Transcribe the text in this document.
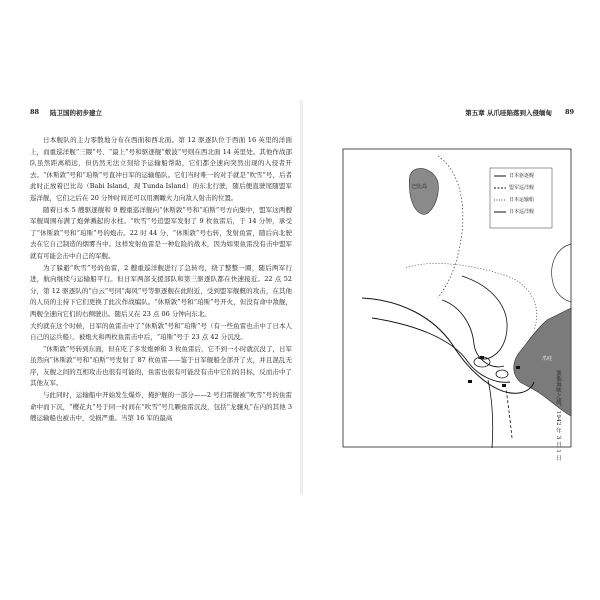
88 陆卫国的初步建立

日本舰队的主力零散地分布在西面和西北面。第 12 驱逐队位于西面 16 英里的洋面上，而重巡洋舰“三隈”号、“最上”号和驱逐舰“敷波”号则在西北面 14 英里处。其他作战部队虽然距离稍远，但仍然无法立刻给予运输船帮助，它们都全速向突然出现的入侵者开去。“休斯敦”号和“珀斯”号直冲日军的运输船队。它们当时唯一的对手就是“吹雪”号，后者此时正放着巴比岛（Babi Island，现 Tunda Island）的东北行驶，随后便直驶尾随盟军巡洋舰，它们之后在 20 分钟时间还可以用测瞰火力向敌人射击的位置。

随着日本 5 艘驱逐舰和 9 艘重巡洋舰向“休斯敦”号和“珀斯”号方向集中，盟军这两艘军舰周围布满了炮弹溅起的水柱。“吹雪”号追盟军发射了 9 枚鱼雷后，于 14 分钟，承受了“休斯敦”号和“珀斯”号的炮击。22 时 44 分，“休斯敦”号右转，发射鱼雷，随后向北驶去在它自己制造的烟雾当中。这样发射鱼雷是一种危险的战术，因为如果鱼雷没有击中盟军就有可能会击中自己的军舰。

为了躲避“吹雪”号的鱼雷，2 艘重巡洋舰进行了急转弯，绕了整整一圈，随后两军行进，航向继续与运输船平行。但日军两部支援部队和第三驱逐队都在快速接近。22 点 52 分，第 12 驱逐队的“白云”号同“海风”号等驱逐舰在此附近，受到盟军舰艇的攻击，在其他的人员的主持下它们更换了此次作战编队。“休斯敦”号和“珀斯”号开火，但没有命中敌舰，两舰全速向它们的右侧驶出。随后又在 23 点 06 分钟向东北。

大约就在这个时候，日军的鱼雷击中了“休斯敦”号和“珀斯”号（有一些鱼雷也击中了日本人自己的运兵船）。被炮火和两枚鱼雷击中后，“珀斯”号于 23 点 42 分沉没。

“休斯敦”号转到东面，但在吃了多发炮弹和 3 枚鱼雷后，它不到一小时就沉没了，日军虽然向“休斯敦”号和“珀斯”号发射了 87 枚鱼雷——鉴于日军舰船全部开了火，并且混乱无序，友舰之间的互相攻击也很有可能的，鱼雷也很有可能没有击中它们的目标，反而击中了其他友军。

与此同时，运输船中开始发生爆炸，掩护舰的一部分——2 号扫雷舰被“吹雪”号的鱼雷命中而下沉，“樱花丸”号于同一时间在“吹雪”号几颗鱼雷沉没，包括“龙骧丸”在内的其他 3 艘运输船也被击中，受损严重。当第 16 军的最高

第五章 从爪哇陷落到入侵缅甸 89
巴比岛
日本驱逐舰
盟军巡洋舰
日本运输船
日本巡洋舰
爪哇
巽他海峡之战，1942 年 3 月 1 日
